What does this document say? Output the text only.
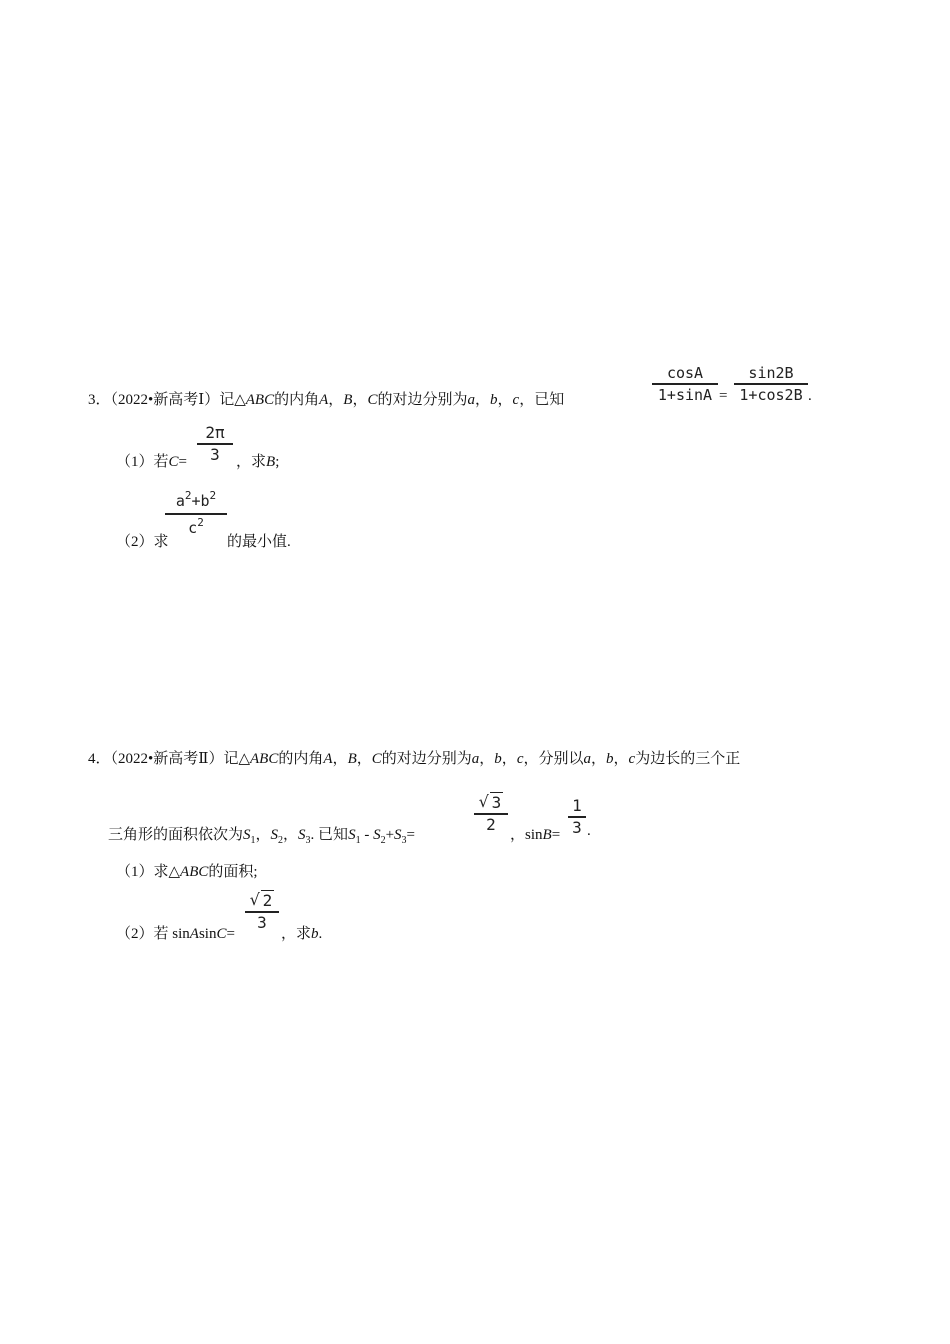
3．（2022•新高考Ⅰ）记△ABC的内角A，B，C的对边分别为a，b，c，已知
cosA
1+sinA =
sin2B
1+cos2B .
（1）若C=
2π
3	，求B;
（2）求
$a^2+b^2$
$c^2$
的最小值.
4．（2022•新高考Ⅱ）记△ABC的内角A，B，C的对边分别为a，b，c，分别以a，b，c为边长的三个正
三角形的面积依次为$S_1$，$S_2$，$S_3$. 已知$S_1 - S_2+S_3=$
√ 3
2
，sinB=
1
3 .
（1）求△ABC的面积;
（2）若 sinAsinC=
√ 2
3
，求b.
